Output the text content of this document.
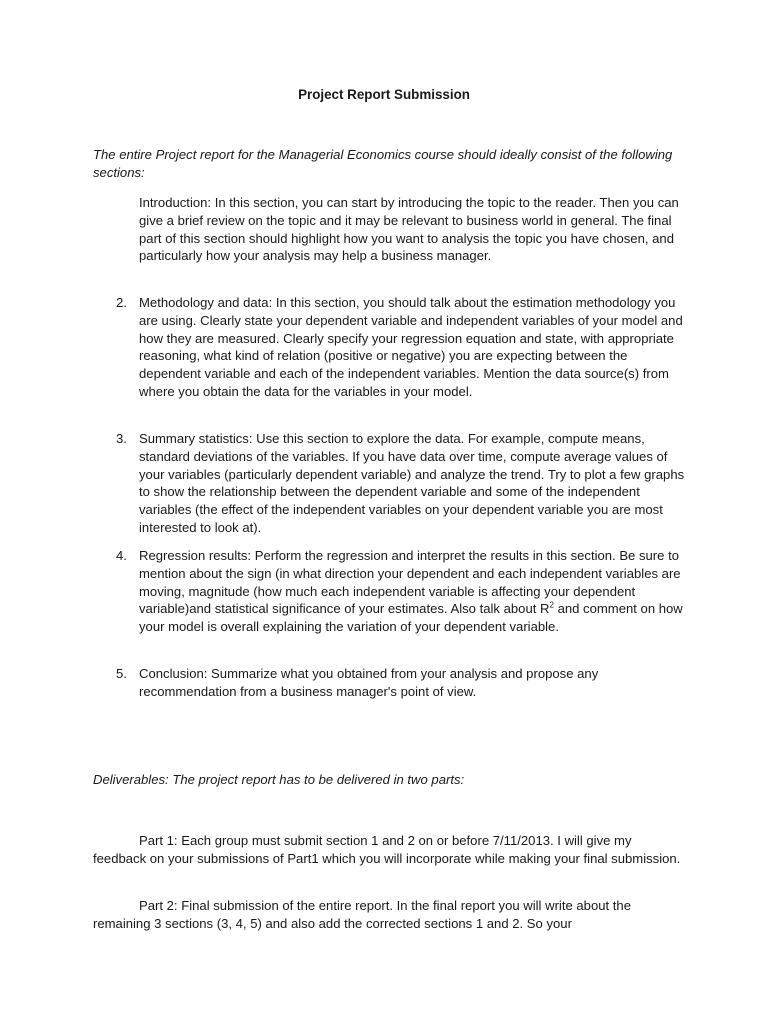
Project Report Submission
The entire Project report for the Managerial Economics course should ideally consist of the following sections:
Introduction: In this section, you can start by introducing the topic to the reader. Then you can give a brief review on the topic and it may be relevant to business world in general. The final part of this section should highlight how you want to analysis the topic you have chosen, and particularly how your analysis may help a business manager.
2. Methodology and data: In this section, you should talk about the estimation methodology you are using. Clearly state your dependent variable and independent variables of your model and how they are measured. Clearly specify your regression equation and state, with appropriate reasoning, what kind of relation (positive or negative) you are expecting between the dependent variable and each of the independent variables. Mention the data source(s) from where you obtain the data for the variables in your model.
3. Summary statistics: Use this section to explore the data. For example, compute means, standard deviations of the variables. If you have data over time, compute average values of your variables (particularly dependent variable) and analyze the trend. Try to plot a few graphs to show the relationship between the dependent variable and some of the independent variables (the effect of the independent variables on your dependent variable you are most interested to look at).
4. Regression results: Perform the regression and interpret the results in this section. Be sure to mention about the sign (in what direction your dependent and each independent variables are moving, magnitude (how much each independent variable is affecting your dependent variable)and statistical significance of your estimates. Also talk about $R^2$ and comment on how your model is overall explaining the variation of your dependent variable.
5. Conclusion: Summarize what you obtained from your analysis and propose any recommendation from a business manager's point of view.
Deliverables: The project report has to be delivered in two parts:
Part 1: Each group must submit section 1 and 2 on or before 7/11/2013. I will give my feedback on your submissions of Part1 which you will incorporate while making your final submission.
Part 2: Final submission of the entire report. In the final report you will write about the remaining 3 sections (3, 4, 5) and also add the corrected sections 1 and 2. So your
